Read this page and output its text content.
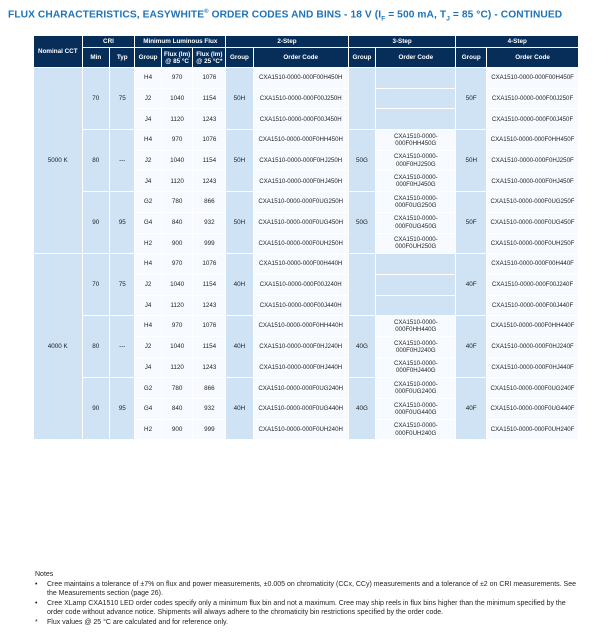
FLUX CHARACTERISTICS, EASYWHITE® ORDER CODES AND BINS - 18 V ($I_F = 500$ mA, $T_J = 85$ °C) - CONTINUED
Nominal CCT	CRI		Minimum Luminous Flux			2-Step		3-Step		4-Step	
	Min	Typ	Group	Flux (lm) @ 85 °C	Flux (lm) @ 25 °C*	Group	Order Code	Group	Order Code	Group	Order Code
5000 K	70	75	H4	970	1076	50H	CXA1510-0000-000F00H450H			50F	CXA1510-0000-000F00H450F
			J2	1040	1154		CXA1510-0000-000F00J250H				CXA1510-0000-000F00J250F
			J4	1120	1243		CXA1510-0000-000F00J450H				CXA1510-0000-000F00J450F
	80	---	H4	970	1076	50H	CXA1510-0000-000F0HH450H	50G	CXA1510-0000-000F0HH450G	50H	CXA1510-0000-000F0HH450F
			J2	1040	1154		CXA1510-0000-000F0HJ250H		CXA1510-0000-000F0HJ250G		CXA1510-0000-000F0HJ250F
			J4	1120	1243		CXA1510-0000-000F0HJ450H		CXA1510-0000-000F0HJ450G		CXA1510-0000-000F0HJ450F
	90	95	G2	780	866	50H	CXA1510-0000-000F0UG250H	50G	CXA1510-0000-000F0UG250G	50F	CXA1510-0000-000F0UG250F
			G4	840	932		CXA1510-0000-000F0UG450H		CXA1510-0000-000F0UG450G		CXA1510-0000-000F0UG450F
			H2	900	999		CXA1510-0000-000F0UH250H		CXA1510-0000-000F0UH250G		CXA1510-0000-000F0UH250F
4000 K	70	75	H4	970	1076	40H	CXA1510-0000-000F00H440H			40F	CXA1510-0000-000F00H440F
			J2	1040	1154		CXA1510-0000-000F00J240H				CXA1510-0000-000F00J240F
			J4	1120	1243		CXA1510-0000-000F00J440H				CXA1510-0000-000F00J440F
	80	---	H4	970	1076	40H	CXA1510-0000-000F0HH440H	40G	CXA1510-0000-000F0HH440G	40F	CXA1510-0000-000F0HH440F
			J2	1040	1154		CXA1510-0000-000F0HJ240H		CXA1510-0000-000F0HJ240G		CXA1510-0000-000F0HJ240F
			J4	1120	1243		CXA1510-0000-000F0HJ440H		CXA1510-0000-000F0HJ440G		CXA1510-0000-000F0HJ440F
	90	95	G2	780	866	40H	CXA1510-0000-000F0UG240H	40G	CXA1510-0000-000F0UG240G	40F	CXA1510-0000-000F0UG240F
			G4	840	932		CXA1510-0000-000F0UG440H		CXA1510-0000-000F0UG440G		CXA1510-0000-000F0UG440F
			H2	900	999		CXA1510-0000-000F0UH240H		CXA1510-0000-000F0UH240G		CXA1510-0000-000F0UH240F
Notes
• Cree maintains a tolerance of ±7% on flux and power measurements, ±0.005 on chromaticity (CCx, CCy) measurements and a tolerance of ±2 on CRI measurements. See the Measurements section (page 26).
• Cree XLamp CXA1510 LED order codes specify only a minimum flux bin and not a maximum. Cree may ship reels in flux bins higher than the minimum specified by the order code without advance notice. Shipments will always adhere to the chromaticity bin restrictions specified by the order code.
* Flux values @ 25 °C are calculated and for reference only.
